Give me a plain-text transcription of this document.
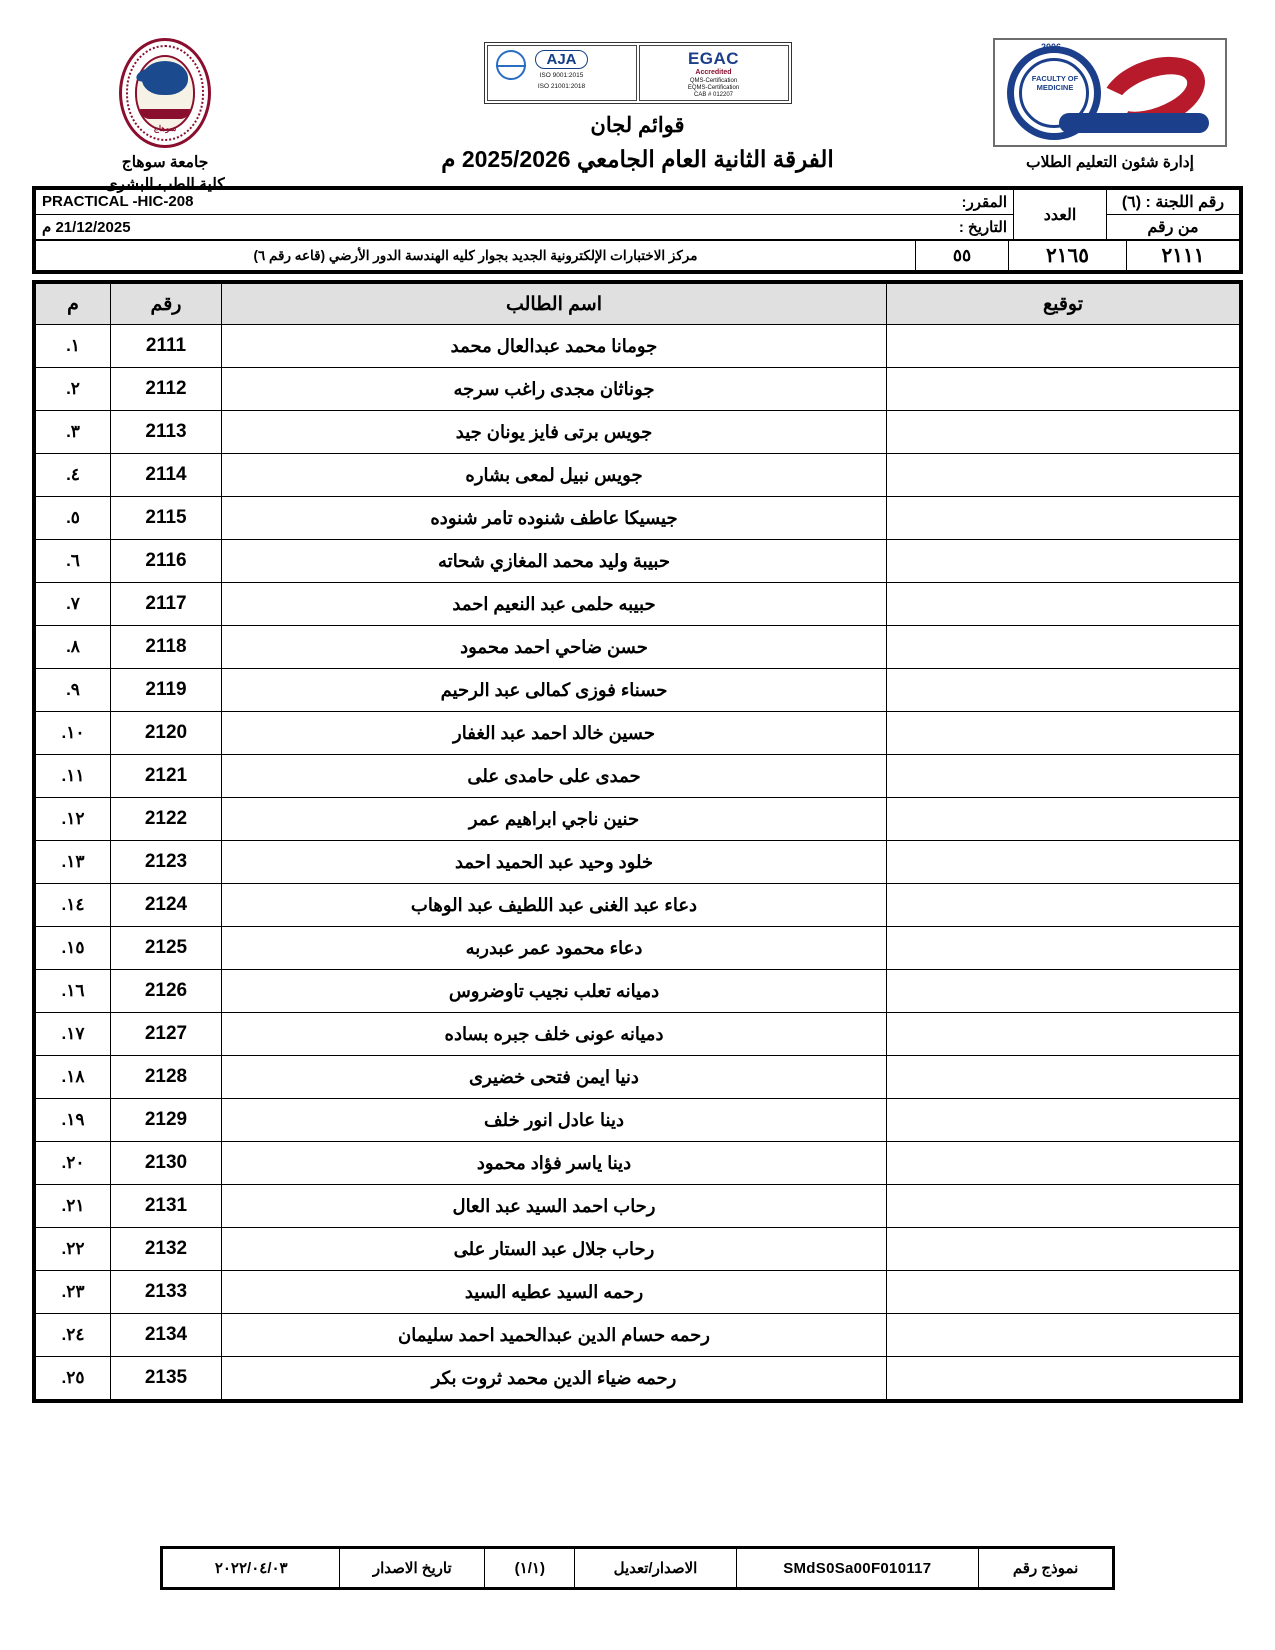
سوهاج
جامعة سوهاج
كلية الطب البشرى
EGAC
Accredited
QMS-Certification
EQMS-Certification
CAB # 012207
AJA
ISO 9001:2015
ISO 21001:2018
قوائم لجان
الفرقة الثانية العام الجامعي 2025/2026 م
2006
FACULTY OF MEDICINE
إدارة شئون التعليم الطلاب
رقم اللجنة : (٦)	العدد	PRACTICAL -HIC-208 المقرر:

من رقم		21/12/2025 م التاريخ :
٢١١١	٢١٦٥	٥٥	مركز الاختبارات الإلكترونية الجديد بجوار كليه الهندسة الدور الأرضي (قاعه رقم ٦)
توقيع	اسم الطالب	رقم	م
	جومانا محمد عبدالعال محمد	2111	١.
	جوناثان مجدى راغب سرجه	2112	٢.
	جويس برتى فايز يونان جيد	2113	٣.
	جويس نبيل لمعى بشاره	2114	٤.
	جيسيكا عاطف شنوده تامر شنوده	2115	٥.
	حبيبة وليد محمد المغازي شحاته	2116	٦.
	حبيبه حلمى عبد النعيم احمد	2117	٧.
	حسن ضاحي احمد محمود	2118	٨.
	حسناء فوزى كمالى عبد الرحيم	2119	٩.
	حسين خالد احمد عبد الغفار	2120	١٠.
	حمدى على حامدى على	2121	١١.
	حنين ناجي ابراهيم عمر	2122	١٢.
	خلود وحيد عبد الحميد احمد	2123	١٣.
	دعاء عبد الغنى عبد اللطيف عبد الوهاب	2124	١٤.
	دعاء محمود عمر عبدربه	2125	١٥.
	دميانه تعلب نجيب تاوضروس	2126	١٦.
	دميانه عونى خلف جبره بساده	2127	١٧.
	دنيا ايمن فتحى خضيرى	2128	١٨.
	دينا عادل انور خلف	2129	١٩.
	دينا ياسر فؤاد محمود	2130	٢٠.
	رحاب احمد السيد عبد العال	2131	٢١.
	رحاب جلال عبد الستار على	2132	٢٢.
	رحمه السيد عطيه السيد	2133	٢٣.
	رحمه حسام الدين عبدالحميد احمد سليمان	2134	٢٤.
	رحمه ضياء الدين محمد ثروت بكر	2135	٢٥.
نموذج رقم	SMdS0Sa00F010117	الاصدار/تعديل	(١/١)	تاريخ الاصدار	٢٠٢٢/٠٤/٠٣
